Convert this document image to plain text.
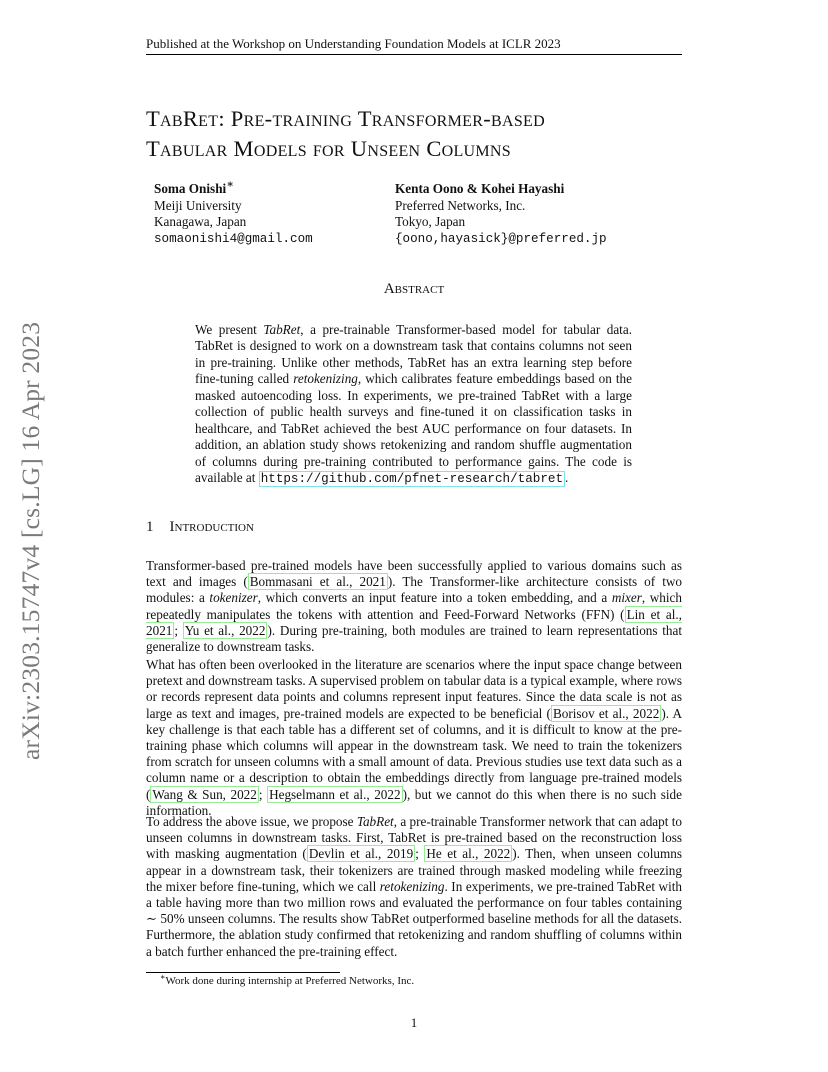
Published at the Workshop on Understanding Foundation Models at ICLR 2023
TabRet: Pre-training Transformer-based
Tabular Models for Unseen Columns
Soma Onishi∗
Meiji University
Kanagawa, Japan
somaonishi4@gmail.com
Kenta Oono & Kohei Hayashi
Preferred Networks, Inc.
Tokyo, Japan
{oono,hayasick}@preferred.jp
arXiv:2303.15747v4 [cs.LG] 16 Apr 2023
Abstract
We present TabRet, a pre-trainable Transformer-based model for tabular data. TabRet is designed to work on a downstream task that contains columns not seen in pre-training. Unlike other methods, TabRet has an extra learning step before fine-tuning called retokenizing, which calibrates feature embeddings based on the masked autoencoding loss. In experiments, we pre-trained TabRet with a large collection of public health surveys and fine-tuned it on classification tasks in healthcare, and TabRet achieved the best AUC performance on four datasets. In addition, an ablation study shows retokenizing and random shuffle augmentation of columns during pre-training contributed to performance gains. The code is available at https://github.com/pfnet-research/tabret .
1 Introduction
Transformer-based pre-trained models have been successfully applied to various domains such as text and images ( Bommasani et al., 2021 ). The Transformer-like architecture consists of two modules: a tokenizer, which converts an input feature into a token embedding, and a mixer, which repeatedly manipulates the tokens with attention and Feed-Forward Networks (FFN) ( Lin et al., 2021 ; Yu et al., 2022 ). During pre-training, both modules are trained to learn representations that generalize to downstream tasks.
What has often been overlooked in the literature are scenarios where the input space change between pretext and downstream tasks. A supervised problem on tabular data is a typical example, where rows or records represent data points and columns represent input features. Since the data scale is not as large as text and images, pre-trained models are expected to be beneficial ( Borisov et al., 2022 ). A key challenge is that each table has a different set of columns, and it is difficult to know at the pre-training phase which columns will appear in the downstream task. We need to train the tokenizers from scratch for unseen columns with a small amount of data. Previous studies use text data such as a column name or a description to obtain the embeddings directly from language pre-trained models ( Wang & Sun, 2022 ; Hegselmann et al., 2022 ), but we cannot do this when there is no such side information.
To address the above issue, we propose TabRet, a pre-trainable Transformer network that can adapt to unseen columns in downstream tasks. First, TabRet is pre-trained based on the reconstruction loss with masking augmentation ( Devlin et al., 2019 ; He et al., 2022 ). Then, when unseen columns appear in a downstream task, their tokenizers are trained through masked modeling while freezing the mixer before fine-tuning, which we call retokenizing. In experiments, we pre-trained TabRet with a table having more than two million rows and evaluated the performance on four tables containing ∼ 50% unseen columns. The results show TabRet outperformed baseline methods for all the datasets. Furthermore, the ablation study confirmed that retokenizing and random shuffling of columns within a batch further enhanced the pre-training effect.
∗Work done during internship at Preferred Networks, Inc.
1
